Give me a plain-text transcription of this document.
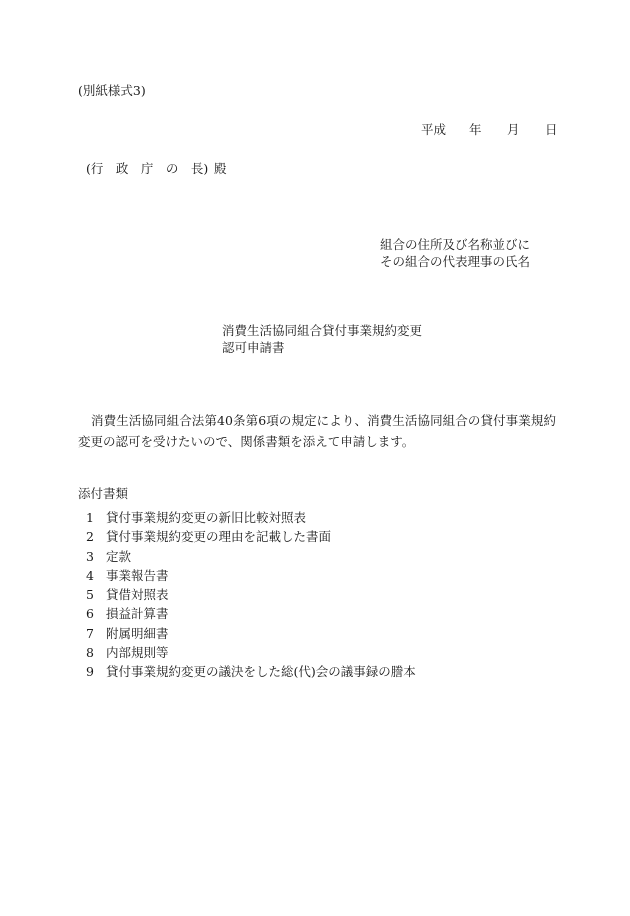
(別紙様式3)
平成 年 月 日
(行　政　庁　の　長) 殿
組合の住所及び名称並びに
その組合の代表理事の氏名
消費生活協同組合貸付事業規約変更
認可申請書

消費生活協同組合法第40条第6項の規定により、消費生活協同組合の貸付事業規約変更の認可を受けたいので、関係書類を添えて申請します。

添付書類
1 貸付事業規約変更の新旧比較対照表
2 貸付事業規約変更の理由を記載した書面
3 定款
4 事業報告書
5 貸借対照表
6 損益計算書
7 附属明細書
8 内部規則等
9 貸付事業規約変更の議決をした総(代)会の議事録の謄本
